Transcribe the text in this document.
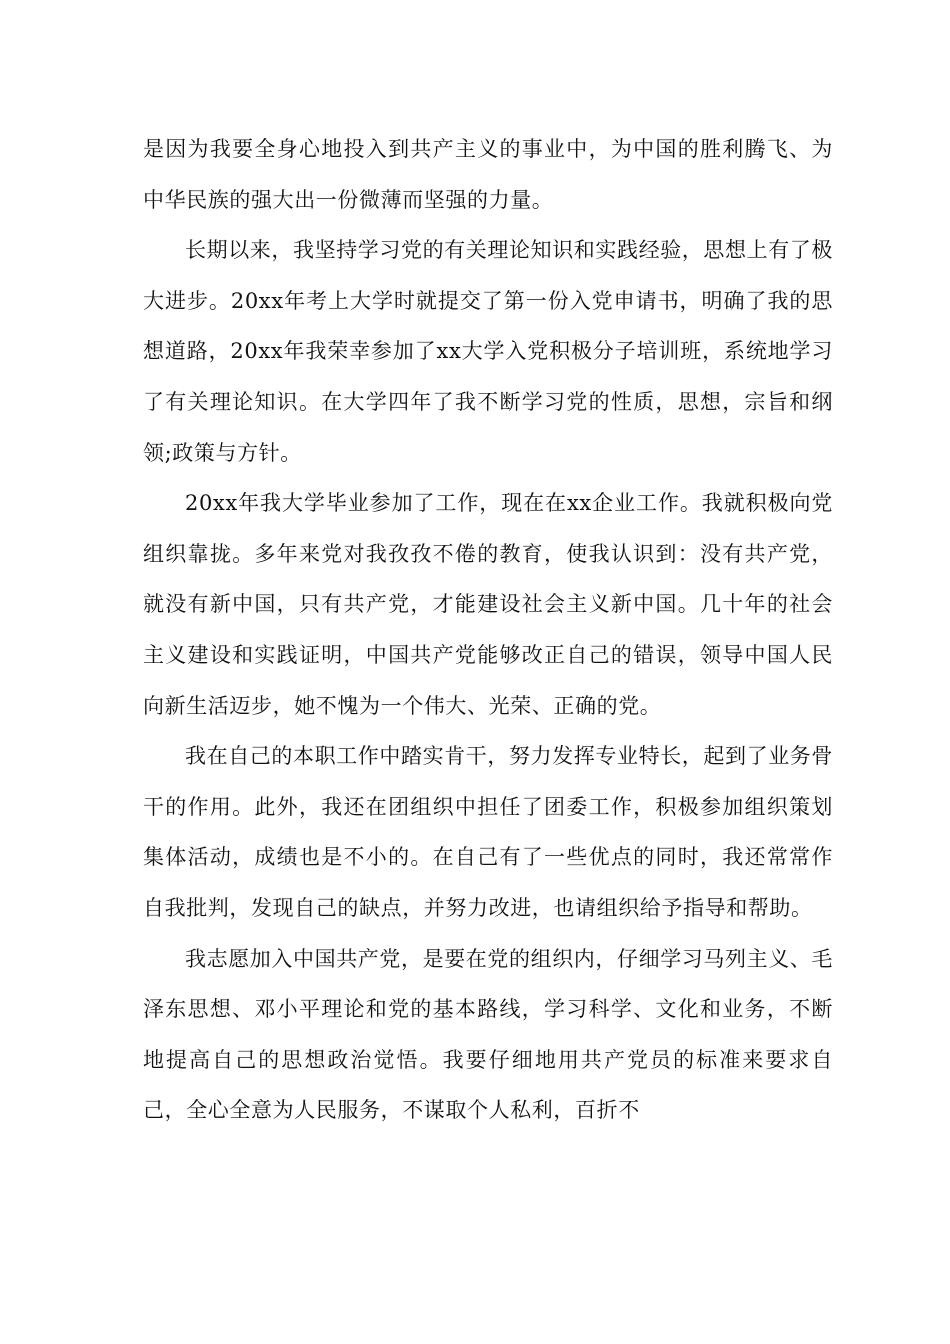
是因为我要全身心地投入到共产主义的事业中，为中国的胜利腾飞、为中华民族的强大出一份微薄而坚强的力量。

长期以来，我坚持学习党的有关理论知识和实践经验，思想上有了极大进步。20xx年考上大学时就提交了第一份入党申请书，明确了我的思想道路，20xx年我荣幸参加了xx大学入党积极分子培训班，系统地学习了有关理论知识。在大学四年了我不断学习党的性质，思想，宗旨和纲领;政策与方针。

20xx年我大学毕业参加了工作，现在在xx企业工作。我就积极向党组织靠拢。多年来党对我孜孜不倦的教育，使我认识到：没有共产党，就没有新中国，只有共产党，才能建设社会主义新中国。几十年的社会主义建设和实践证明，中国共产党能够改正自己的错误，领导中国人民向新生活迈步，她不愧为一个伟大、光荣、正确的党。

我在自己的本职工作中踏实肯干，努力发挥专业特长，起到了业务骨干的作用。此外，我还在团组织中担任了团委工作，积极参加组织策划集体活动，成绩也是不小的。在自己有了一些优点的同时，我还常常作自我批判，发现自己的缺点，并努力改进，也请组织给予指导和帮助。

我志愿加入中国共产党，是要在党的组织内，仔细学习马列主义、毛泽东思想、邓小平理论和党的基本路线，学习科学、文化和业务，不断地提高自己的思想政治觉悟。我要仔细地用共产党员的标准来要求自己，全心全意为人民服务，不谋取个人私利，百折不
